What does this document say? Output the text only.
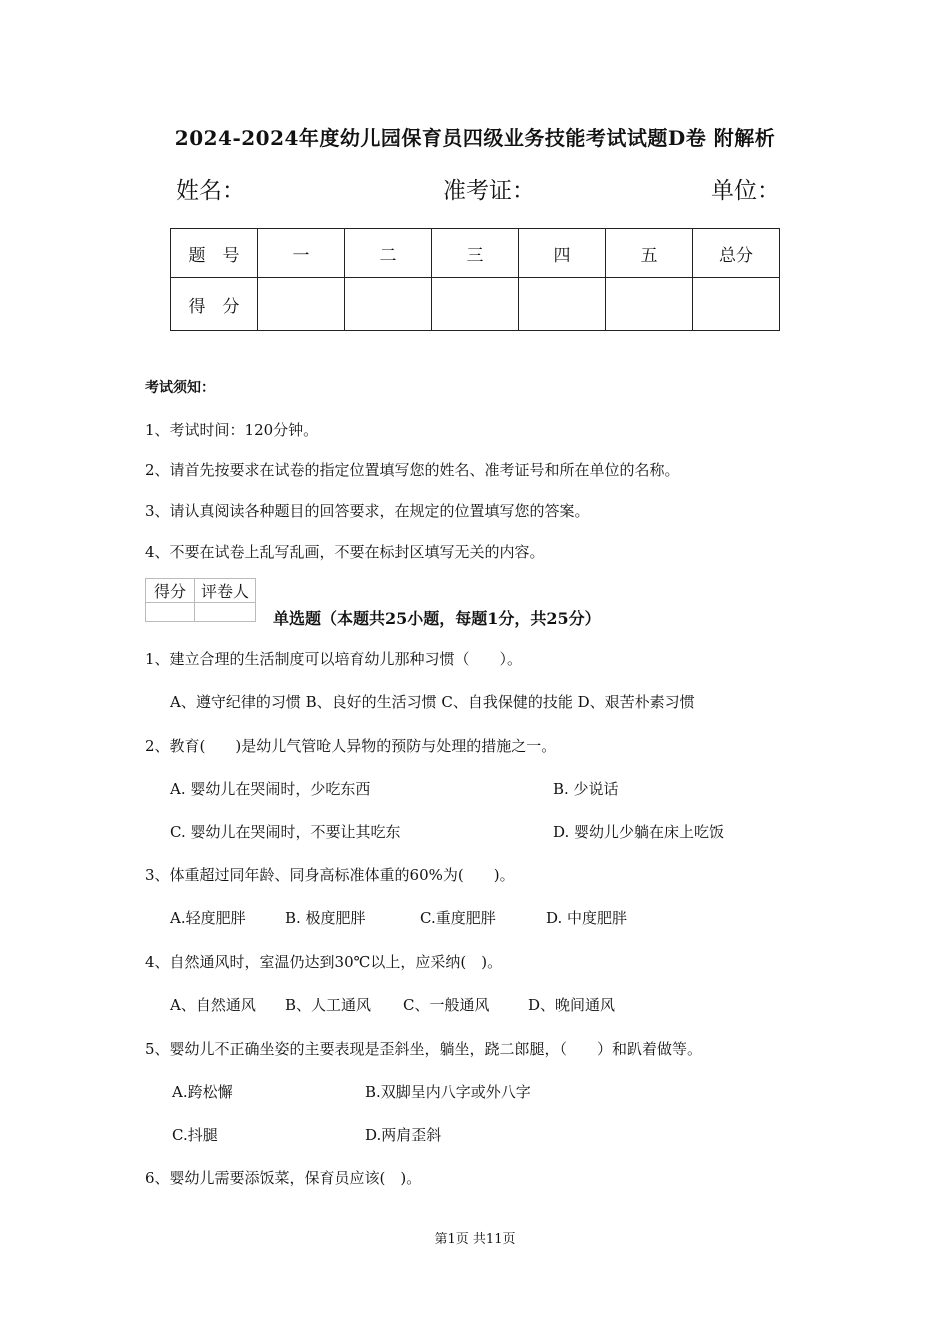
2024-2024年度幼儿园保育员四级业务技能考试试题D卷 附解析
姓名：	准考证：	单位：
题　号	一	二	三	四	五	总分
得　分						
考试须知：
1、考试时间：120分钟。
2、请首先按要求在试卷的指定位置填写您的姓名、准考证号和所在单位的名称。
3、请认真阅读各种题目的回答要求，在规定的位置填写您的答案。
4、不要在试卷上乱写乱画，不要在标封区填写无关的内容。
得分	评卷人

单选题（本题共25小题，每题1分，共25分）
1、建立合理的生活制度可以培育幼儿那种习惯（　　）。
A、遵守纪律的习惯 B、良好的生活习惯 C、自我保健的技能 D、艰苦朴素习惯
2、教育(　　)是幼儿气管呛人异物的预防与处理的措施之一。
A. 婴幼儿在哭闹时，少吃东西	B. 少说话
C. 婴幼儿在哭闹时，不要让其吃东	D. 婴幼儿少躺在床上吃饭
3、体重超过同年龄、同身高标准体重的60%为(　　)。
A.轻度肥胖	B. 极度肥胖	C.重度肥胖	D. 中度肥胖
4、自然通风时，室温仍达到30℃以上，应采纳(　)。
A、自然通风 B、人工通风 C、一般通风	D、晚间通风
5、婴幼儿不正确坐姿的主要表现是歪斜坐，躺坐，跷二郎腿，（　　）和趴着做等。
A.跨松懈	B.双脚呈内八字或外八字
C.抖腿	D.两肩歪斜
6、婴幼儿需要添饭菜，保育员应该(　)。
第1页 共11页
